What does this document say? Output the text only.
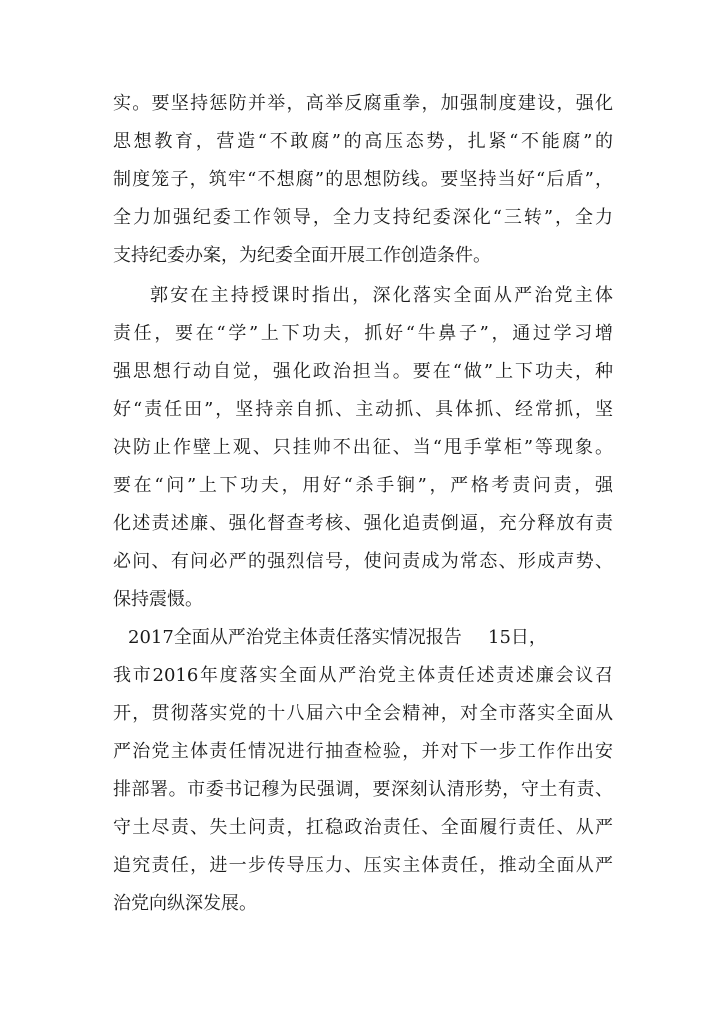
实。要坚持惩防并举，高举反腐重拳，加强制度建设，强化
思想教育，营造“不敢腐”的高压态势，扎紧“不能腐”的
制度笼子，筑牢“不想腐”的思想防线。要坚持当好“后盾”，
全力加强纪委工作领导，全力支持纪委深化“三转”，全力
支持纪委办案，为纪委全面开展工作创造条件。
郭安在主持授课时指出，深化落实全面从严治党主体
责任，要在“学”上下功夫，抓好“牛鼻子”，通过学习增
强思想行动自觉，强化政治担当。要在“做”上下功夫，种
好“责任田”，坚持亲自抓、主动抓、具体抓、经常抓，坚
决防止作壁上观、只挂帅不出征、当“甩手掌柜”等现象。
要在“问”上下功夫，用好“杀手锏”，严格考责问责，强
化述责述廉、强化督查考核、强化追责倒逼，充分释放有责
必问、有问必严的强烈信号，使问责成为常态、形成声势、
保持震慑。
2017全面从严治党主体责任落实情况报告 15日，
我市2016年度落实全面从严治党主体责任述责述廉会议召
开，贯彻落实党的十八届六中全会精神，对全市落实全面从
严治党主体责任情况进行抽查检验，并对下一步工作作出安
排部署。市委书记穆为民强调，要深刻认清形势，守土有责、
守土尽责、失土问责，扛稳政治责任、全面履行责任、从严
追究责任，进一步传导压力、压实主体责任，推动全面从严
治党向纵深发展。
